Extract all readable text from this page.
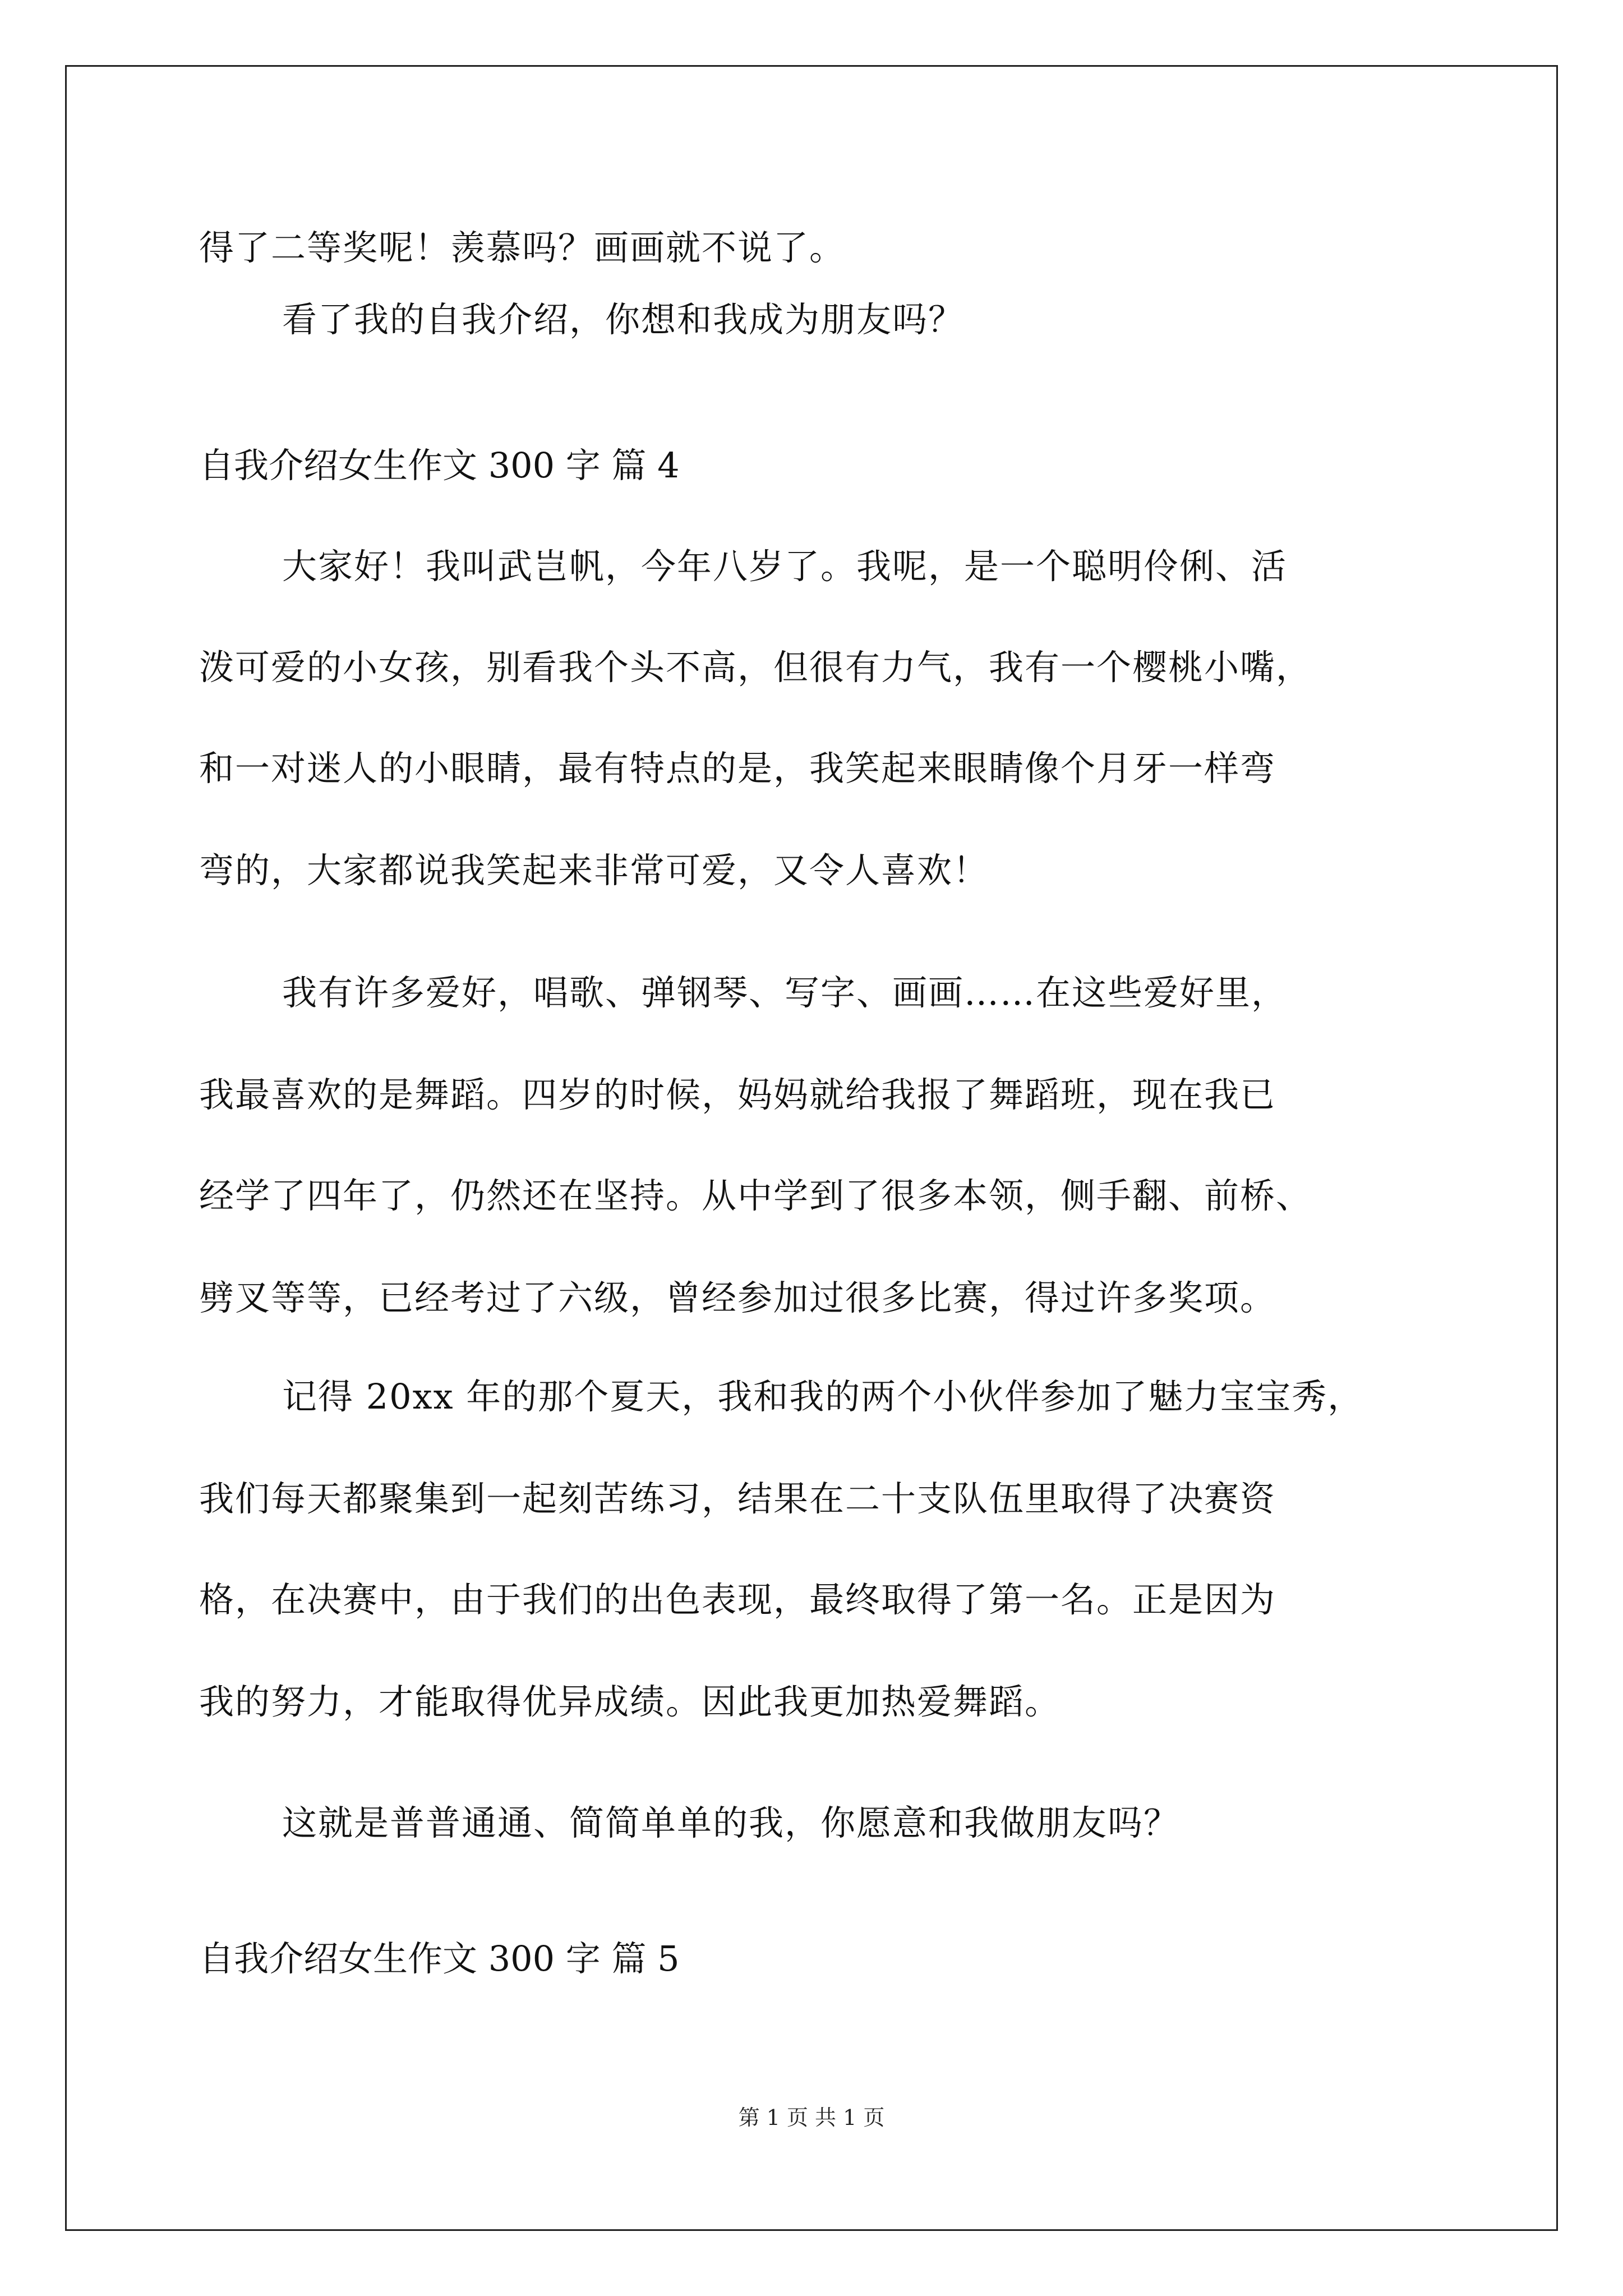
得了二等奖呢！羡慕吗？画画就不说了。
看了我的自我介绍，你想和我成为朋友吗？
自我介绍女生作文 300 字 篇 4
大家好！我叫武岂帆，今年八岁了。我呢，是一个聪明伶俐、活
泼可爱的小女孩，别看我个头不高，但很有力气，我有一个樱桃小嘴，
和一对迷人的小眼睛，最有特点的是，我笑起来眼睛像个月牙一样弯
弯的，大家都说我笑起来非常可爱，又令人喜欢！
我有许多爱好，唱歌、弹钢琴、写字、画画……在这些爱好里，
我最喜欢的是舞蹈。四岁的时候，妈妈就给我报了舞蹈班，现在我已
经学了四年了，仍然还在坚持。从中学到了很多本领，侧手翻、前桥、
劈叉等等，已经考过了六级，曾经参加过很多比赛，得过许多奖项。
记得 20xx 年的那个夏天，我和我的两个小伙伴参加了魅力宝宝秀，
我们每天都聚集到一起刻苦练习，结果在二十支队伍里取得了决赛资
格，在决赛中，由于我们的出色表现，最终取得了第一名。正是因为
我的努力，才能取得优异成绩。因此我更加热爱舞蹈。
这就是普普通通、简简单单的我，你愿意和我做朋友吗？
自我介绍女生作文 300 字 篇 5
第 1 页 共 1 页
